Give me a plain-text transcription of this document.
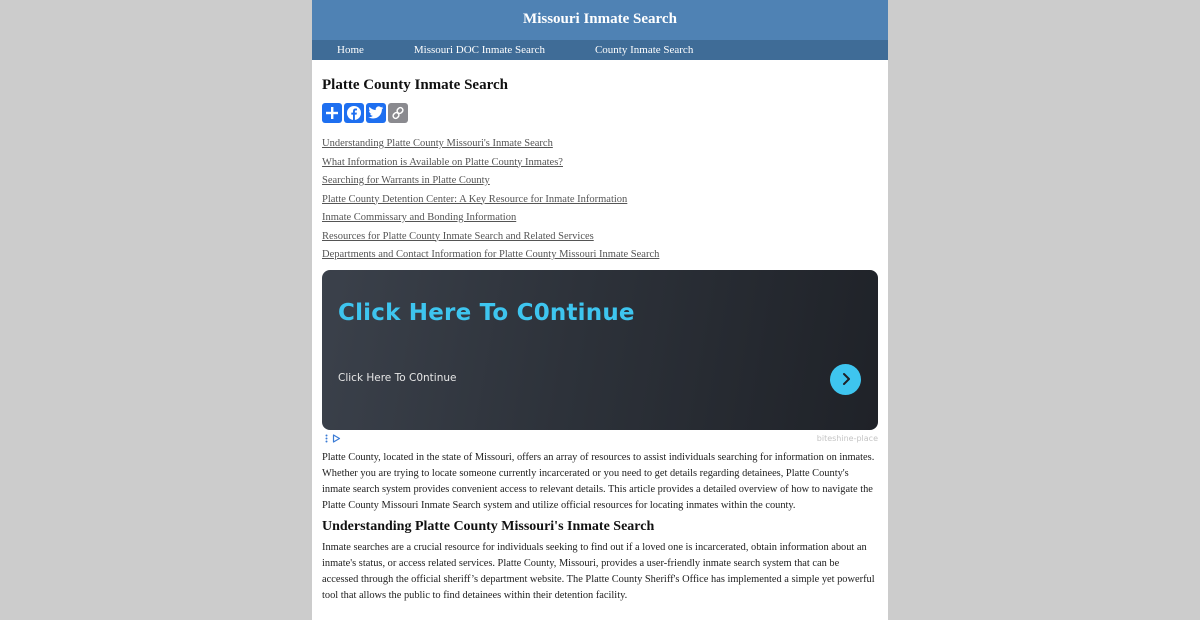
Missouri Inmate Search
Home	Missouri DOC Inmate Search	County Inmate Search
Platte County Inmate Search
Understanding Platte County Missouri's Inmate Search
What Information is Available on Platte County Inmates?
Searching for Warrants in Platte County
Platte County Detention Center: A Key Resource for Inmate Information
Inmate Commissary and Bonding Information
Resources for Platte County Inmate Search and Related Services
Departments and Contact Information for Platte County Missouri Inmate Search
Click Here To C0ntinue
Click Here To C0ntinue
biteshine-place

Platte County, located in the state of Missouri, offers an array of resources to assist individuals searching for information on inmates. Whether you are trying to locate someone currently incarcerated or you need to get details regarding detainees, Platte County's inmate search system provides convenient access to relevant details. This article provides a detailed overview of how to navigate the Platte County Missouri Inmate Search system and utilize official resources for locating inmates within the county.

Understanding Platte County Missouri's Inmate Search

Inmate searches are a crucial resource for individuals seeking to find out if a loved one is incarcerated, obtain information about an inmate's status, or access related services. Platte County, Missouri, provides a user-friendly inmate search system that can be accessed through the official sheriff’s department website. The Platte County Sheriff's Office has implemented a simple yet powerful tool that allows the public to find detainees within their detention facility.
